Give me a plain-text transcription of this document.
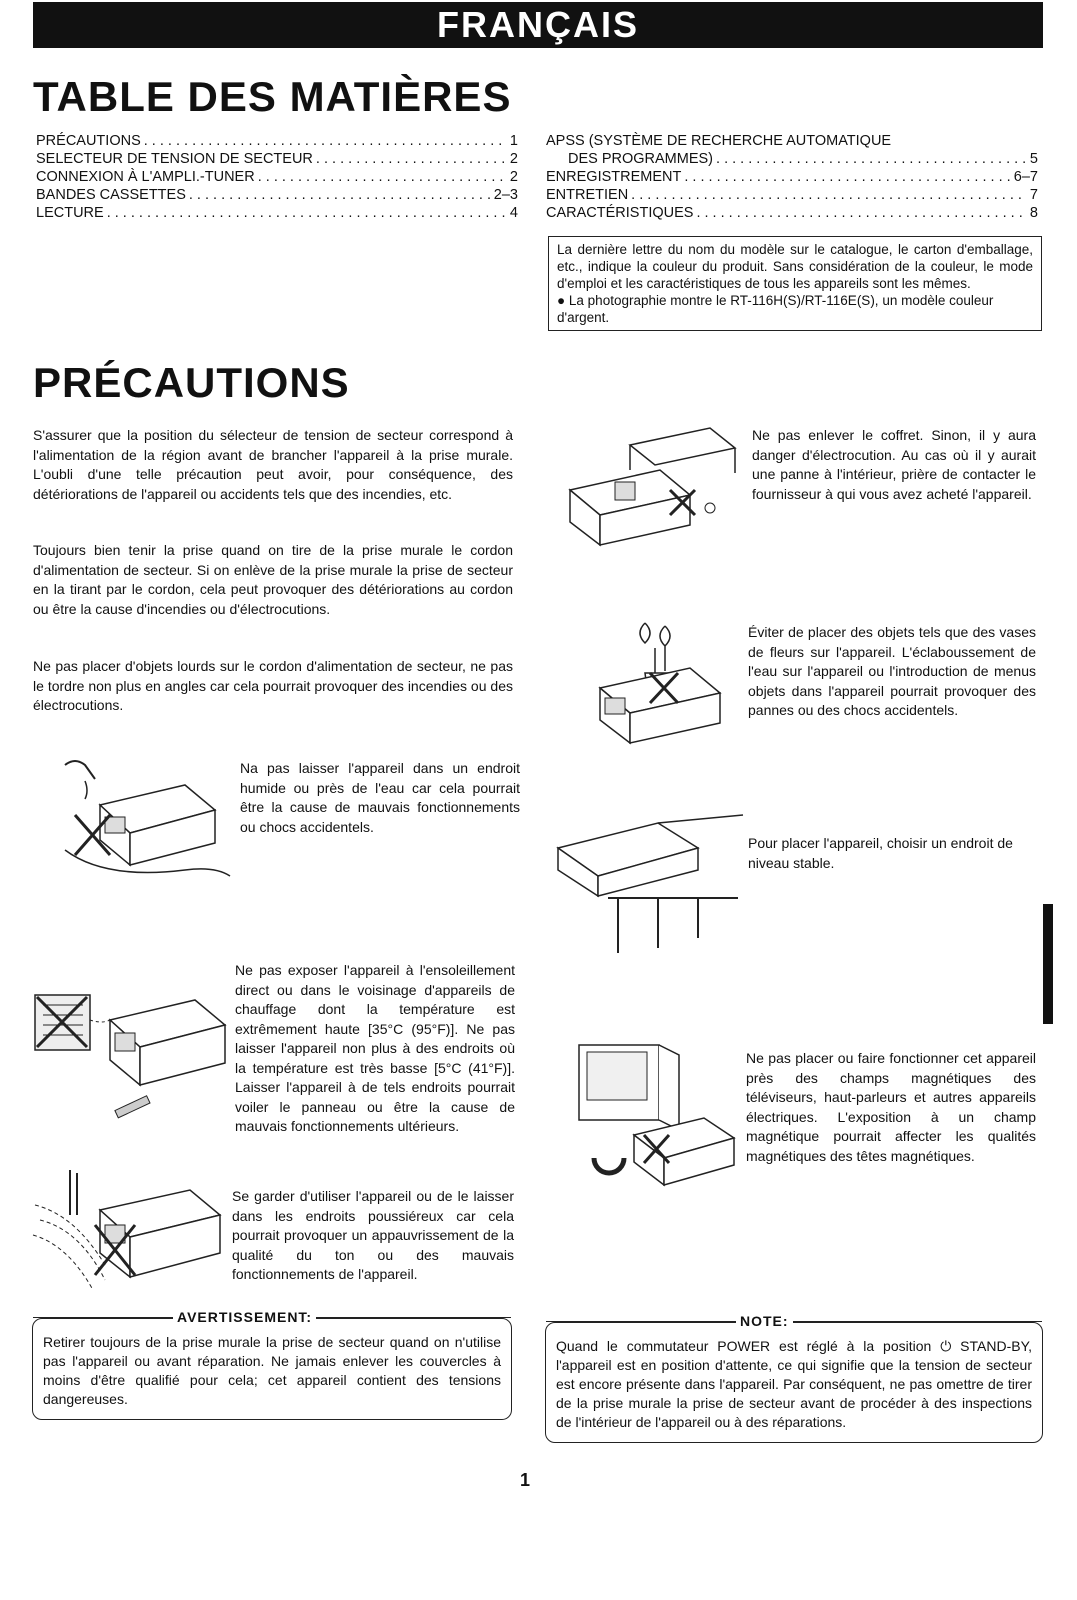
FRANÇAIS
TABLE DES MATIÈRES
PRÉCAUTIONS . . .	1
SELECTEUR DE TENSION DE SECTEUR . . .	2
CONNEXION À L'AMPLI.-TUNER . . .	2
BANDES CASSETTES . . .	2–3
LECTURE . . .	4
APSS (SYSTÈME DE RECHERCHE AUTOMATIQUE
DES PROGRAMMES) . . .	5
ENREGISTREMENT . . .	6–7
ENTRETIEN . . .	7
CARACTÉRISTIQUES . . .	8
La dernière lettre du nom du modèle sur le catalogue, le carton d'emballage, etc., indique la couleur du produit. Sans considération de la couleur, le mode d'emploi et les caractéristiques de tous les appareils sont les mêmes.
● La photographie montre le RT-116H(S)/RT-116E(S), un modèle couleur d'argent.
PRÉCAUTIONS
S'assurer que la position du sélecteur de tension de secteur correspond à l'alimentation de la région avant de brancher l'appareil à la prise murale. L'oubli d'une telle précaution peut avoir, pour conséquence, des détériorations de l'appareil ou accidents tels que des incendies, etc.
Toujours bien tenir la prise quand on tire de la prise murale le cordon d'alimentation de secteur. Si on enlève de la prise murale la prise de secteur en la tirant par le cordon, cela peut provoquer des détériorations au cordon ou être la cause d'incendies ou d'électrocutions.
Ne pas placer d'objets lourds sur le cordon d'alimentation de secteur, ne pas le tordre non plus en angles car cela pourrait provoquer des incendies ou des électrocutions.
Na pas laisser l'appareil dans un endroit humide ou près de l'eau car cela pourrait être la cause de mauvais fonctionnements ou chocs accidentels.
Ne pas exposer l'appareil à l'ensoleillement direct ou dans le voisinage d'appareils de chauffage dont la température est extrêmement haute [35°C (95°F)]. Ne pas laisser l'appareil non plus à des endroits où la température est très basse [5°C (41°F)]. Laisser l'appareil à de tels endroits pourrait voiler le panneau ou être la cause de mauvais fonctionnements ultérieurs.
Se garder d'utiliser l'appareil ou de le laisser dans les endroits poussiéreux car cela pourrait provoquer un appauvrissement de la qualité du ton ou des mauvais fonctionnements de l'appareil.
Ne pas enlever le coffret. Sinon, il y aura danger d'électrocution. Au cas où il y aurait une panne à l'intérieur, prière de contacter le fournisseur à qui vous avez acheté l'appareil.
Éviter de placer des objets tels que des vases de fleurs sur l'appareil. L'éclaboussement de l'eau sur l'appareil ou l'introduction de menus objets dans l'appareil pourrait provoquer des pannes ou des chocs accidentels.
Pour placer l'appareil, choisir un endroit de niveau stable.
Ne pas placer ou faire fonctionner cet appareil près des champs magnétiques des téléviseurs, haut-parleurs et autres appareils électriques. L'exposition à un champ magnétique pourrait affecter les qualités magnétiques des têtes magnétiques.
AVERTISSEMENT:
Retirer toujours de la prise murale la prise de secteur quand on n'utilise pas l'appareil ou avant réparation. Ne jamais enlever les couvercles à moins d'être qualifié pour cela; cet appareil contient des tensions dangereuses.
NOTE:
Quand le commutateur POWER est réglé à la position ⏻ STAND-BY, l'appareil est en position d'attente, ce qui signifie que la tension de secteur est encore présente dans l'appareil. Par conséquent, ne pas omettre de tirer de la prise murale la prise de secteur avant de procéder à des inspections de l'intérieur de l'appareil ou à des réparations.
1
